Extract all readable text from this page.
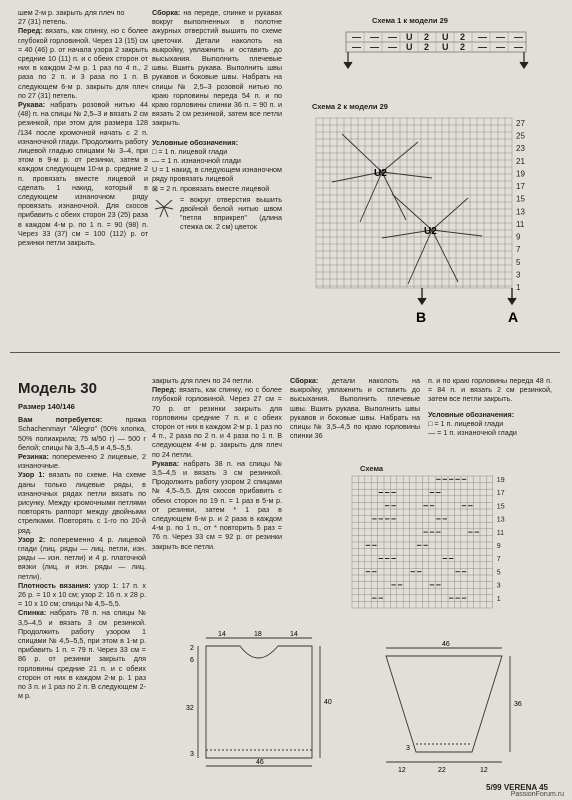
шем 2-м р. закрыть для плеч по

27 (31) петель.

Перед: вязать, как спинку, но с более глубокой горловиной. Через 13 (15) см = 40 (46) р. от начала узора 2 закрыть средние 10 (11) п. и с обеих сторон от них в каждом 2-м р. 1 раз по 4 п., 2 раза по 2 п. и 3 раза по 1 п. В следующем 6-м р. закрыть для плеч по 27 (31) петель.

Рукава: набрать розовой нитью 44 (48) п. на спицы № 2,5–3 и вязать 2 см резинкой, при этом для размера 128 /134 после кромочной начать с 2 п. изнаночной глади. Продолжить работу лицевой гладью спицами № 3–4, при этом в 9-м р. от резинки, затем в каждом следующем 10-м р. средние 2 п. провязать вместе лицевой и сделать 1 накид, который в следующем изнаночном ряду провязать изнаночной. Для скосов прибавить с обеих сторон 23 (25) раза в каждом 4-м р. по 1 п. = 90 (98) п. Через 33 (37) см = 100 (112) р. от резинки петли закрыть.

Сборка: на переде, спинке и рукавах вокруг выполненных в полотне ажурных отверстий вышить по схеме цветочки. Детали наколоть на выкройку, увлажнить и оставить до высыхания. Выполнить плечевые швы. Вшить рукава. Выполнить швы рукавов и боковые швы. Набрать на спицы № 2,5–3 розовой нитью по краю горловины переда 54 п. и по краю горловины спинки 36 п. = 90 п. и вязать 2 см резинкой, затем все петли закрыть.

Условные обозначения:

□ = 1 п. лицевой глади

— = 1 п. изнаночной глади

U = 1 накид, в следующем изнаночном ряду провязать лицевой

⊠ = 2 п. провязать вместе лицевой

= вокруг отверстия вышить двойной белой нитью швом "петля вприкреп" (длина стежка ок. 2 см) цветок

Схема 1 к модели 29
— — — U 2 U 2 — — —
— — — U 2 U 2 — — —
Схема 2 к модели 29
27
25
23
21
19
17
15
13
11
9
7
5
3
1
U2
U2
B	A
Модель 30

Размер 140/146

Вам потребуется:	пряжа Schachenmayr "Allegro" (50% хлопка, 50% полиакрила; 75 м/50 г) — 500 г белой; спицы № 3,5–4,5 и 4,5–5,5.

Резинка: попеременно 2 лицевые, 2 изнаночные.

Узор 1: вязать по схеме. На схеме даны только лицевые ряды, в изнаночных рядах петли вязать по рисунку. Между кромочными петлями повторять раппорт между двойными стрелками. Повторять с 1-го по 20-й ряд.

Узор 2: попеременно 4 р. лицевой глади (лиц. ряды — лиц. петли, изн. ряды — изн. петли) и 4 р. платочной вязки (лиц. и изн. ряды — лиц. петли).

Плотность вязания: узор 1: 17 п. х 26 р. = 10 х 10 см; узор 2: 16 п. х 28 р. = 10 х 10 см; спицы № 4,5–5,5.

Спинка: набрать 78 п. на спицы № 3,5–4,5 и вязать 3 см резинкой. Продолжить работу узором 1 спицами № 4,5–5,5, при этом в 1-м р. прибавить 1 п. = 79 п. Через 33 см = 86 р. от резинки закрыть для горловины средние 21 п. и с обеих сторон от них в каждом 2-м р. 1 раз по 3 п. и 1 раз по 2 п. В следующем 2-м р.

закрыть для плеч по 24 петли.

Перед: вязать, как спинку, но с более глубокой горловиной. Через 27 см = 70 р. от резинки закрыть для горловины средние 7 п. и с обеих сторон от них в каждом 2-м р. 1 раз по 4 п., 2 раза по 2 п. и 4 раза по 1 п. В следующем 4-м р. закрыть для плеч по 24 петли.

Рукава: набрать 38 п. на спицы № 3,5–4,5 и вязать 3 см резинкой. Продолжить работу узором 2 спицами № 4,5–5,5. Для скосов прибавить с обеих сторон по 19 п. = 1 раз в 5-м р. от резинки, затем * 1 раз в следующем 6-м р. и 2 раза в каждом 4-м р. по 1 п., от * повторить 5 раз = 76 п. Через 33 см = 92 р. от резинки закрыть все петли.

Сборка: детали наколоть на выкройку, увлажнить и оставить до высыхания. Выполнить плечевые швы. Вшить рукава. Выполнить швы рукавов и боковые швы. Набрать на спицы № 3,5–4,5 по краю горловины спинки 36

п. и по краю горловины переда 48 п. = 84 п. и вязать 2 см резинкой, затем все петли закрыть.

Условные обозначения:

□ = 1 п. лицевой глади

— = 1 п. изнаночной глади

Схема
19
17
15
13
11
9
7
5
3
1
14	18	14
2
6
40
32
3
46
46
36
12	22	12
3
5/99 VERENA 45
PassionForum.ru
